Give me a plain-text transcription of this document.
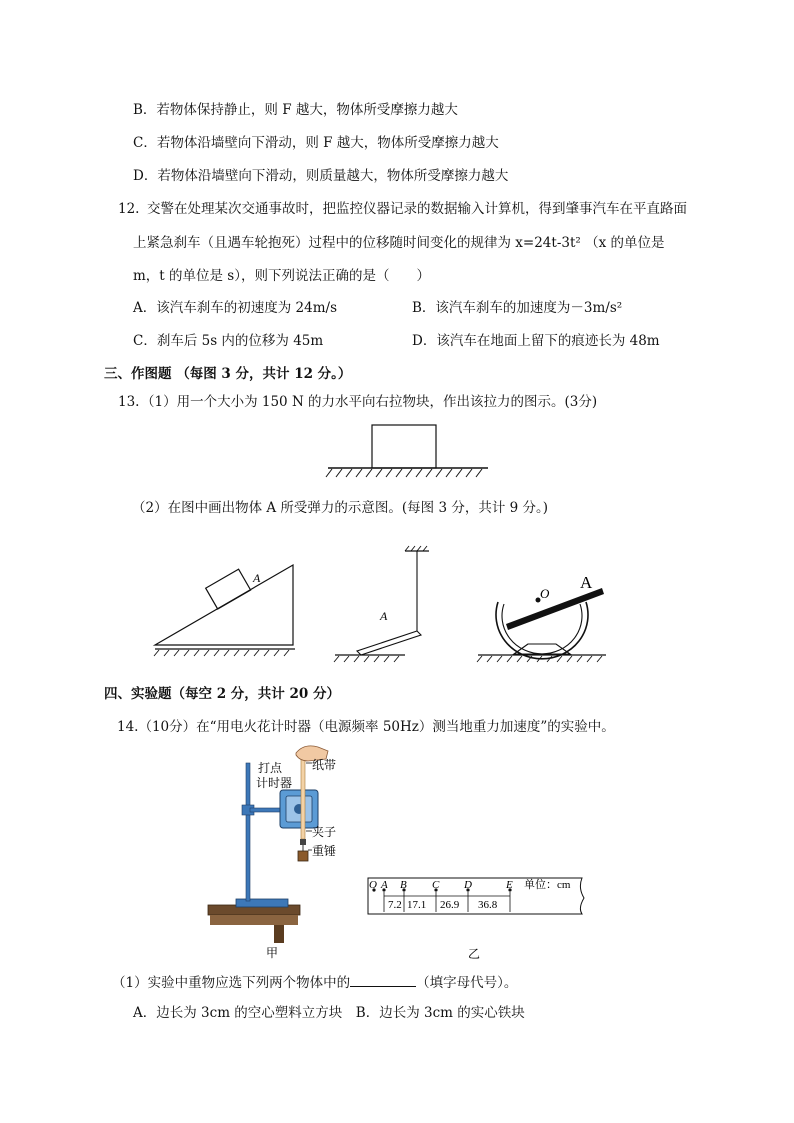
B．若物体保持静止，则 F 越大，物体所受摩擦力越大
C．若物体沿墙壁向下滑动，则 F 越大，物体所受摩擦力越大
D．若物体沿墙壁向下滑动，则质量越大，物体所受摩擦力越大
12. 交警在处理某次交通事故时，把监控仪器记录的数据输入计算机，得到肇事汽车在平直路面
上紧急刹车（且遇车轮抱死）过程中的位移随时间变化的规律为 x=24t-3t² （x 的单位是
m，t 的单位是 s），则下列说法正确的是（　　）
A．该汽车刹车的初速度为 24m/s	B．该汽车刹车的加速度为－3m/s²
C．刹车后 5s 内的位移为 45m	D．该汽车在地面上留下的痕迹长为 48m
三、作图题 （每图 3 分，共计 12 分。）
13. （1）用一个大小为 150 N 的力水平向右拉物块，作出该拉力的图示。(3分)
（2）在图中画出物体 A 所受弹力的示意图。(每图 3 分，共计 9 分。)
A
A
O
A
四、实验题（每空 2 分，共计 20 分）
14.（10分）在“用电火花计时器（电源频率 50Hz）测当地重力加速度”的实验中。
打点
计时器
纸带
夹子
重锤
甲
O A B C D	E 单位：cm
7.2 17.1 26.9 36.8
乙
（1）实验中重物应选下列两个物体中的	（填字母代号）。
A．边长为 3cm 的空心塑料立方块　B．边长为 3cm 的实心铁块
